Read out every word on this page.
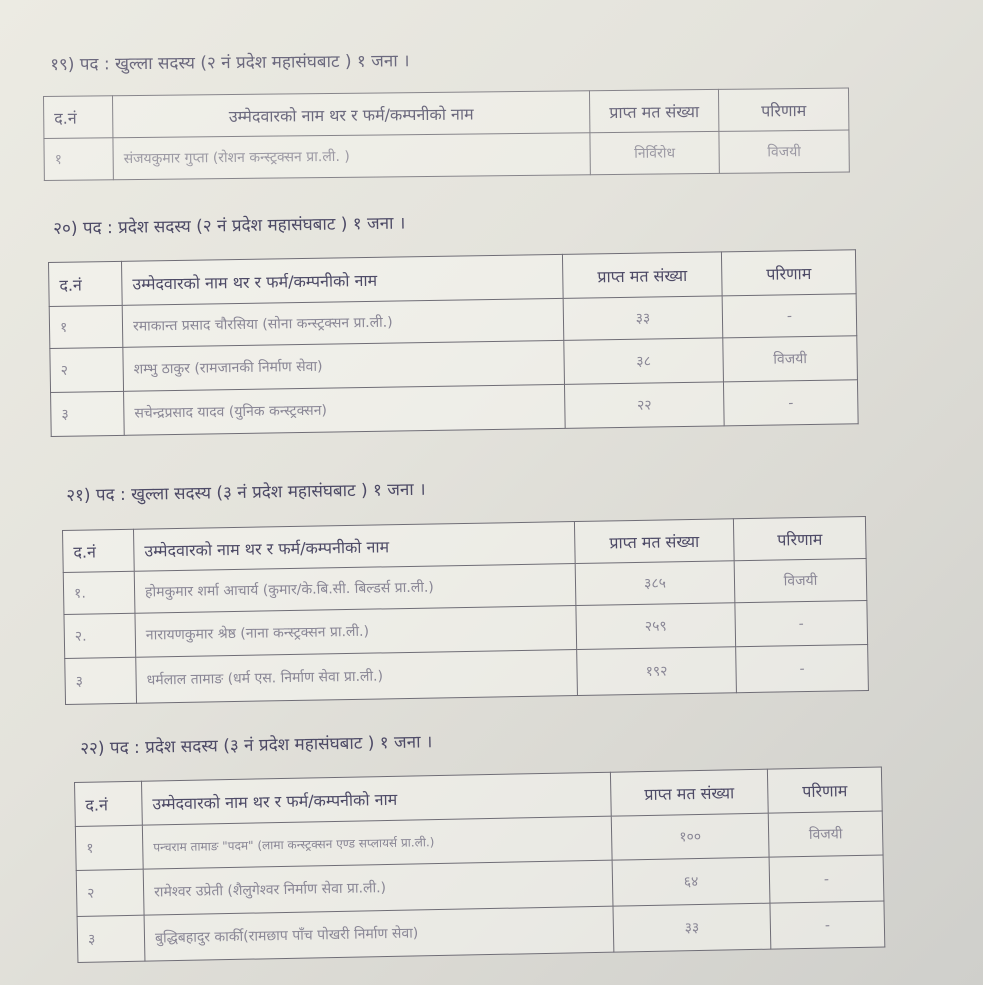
१९) पद : खुल्ला सदस्य (२ नं प्रदेश महासंघबाट ) १ जना ।
द.नं	उम्मेदवारको नाम थर र फर्म/कम्पनीको नाम	प्राप्त मत संख्या	परिणाम
१	संजयकुमार गुप्ता (रोशन कन्स्ट्रक्सन प्रा.ली. )	निर्विरोध	विजयी
२०) पद : प्रदेश सदस्य (२ नं प्रदेश महासंघबाट ) १ जना ।
द.नं	उम्मेदवारको नाम थर र फर्म/कम्पनीको नाम	प्राप्त मत संख्या	परिणाम
१	रमाकान्त प्रसाद चौरसिया (सोना कन्स्ट्रक्सन प्रा.ली.)	३३	-
२	शम्भु ठाकुर (रामजानकी निर्माण सेवा)	३८	विजयी
३	सचेन्द्रप्रसाद यादव (युनिक कन्स्ट्रक्सन)	२२	-
२१) पद : खुल्ला सदस्य (३ नं प्रदेश महासंघबाट ) १ जना ।
द.नं	उम्मेदवारको नाम थर र फर्म/कम्पनीको नाम	प्राप्त मत संख्या	परिणाम
१.	होमकुमार शर्मा आचार्य (कुमार/के.बि.सी. बिल्डर्स प्रा.ली.)	३८५	विजयी
२.	नारायणकुमार श्रेष्ठ (नाना कन्स्ट्रक्सन प्रा.ली.)	२५९	-
३	धर्मलाल तामाङ (धर्म एस. निर्माण सेवा प्रा.ली.)	१९२	-
२२) पद : प्रदेश सदस्य (३ नं प्रदेश महासंघबाट ) १ जना ।
द.नं	उम्मेदवारको नाम थर र फर्म/कम्पनीको नाम	प्राप्त मत संख्या	परिणाम
१	पन्चराम तामाङ "पदम" (लामा कन्स्ट्रक्सन एण्ड सप्लायर्स प्रा.ली.)	१००	विजयी
२	रामेश्वर उप्रेती (शैलुगेश्वर निर्माण सेवा प्रा.ली.)	६४	-
३	बुद्धिबहादुर कार्की(रामछाप पाँच पोखरी निर्माण सेवा)	३३	-
